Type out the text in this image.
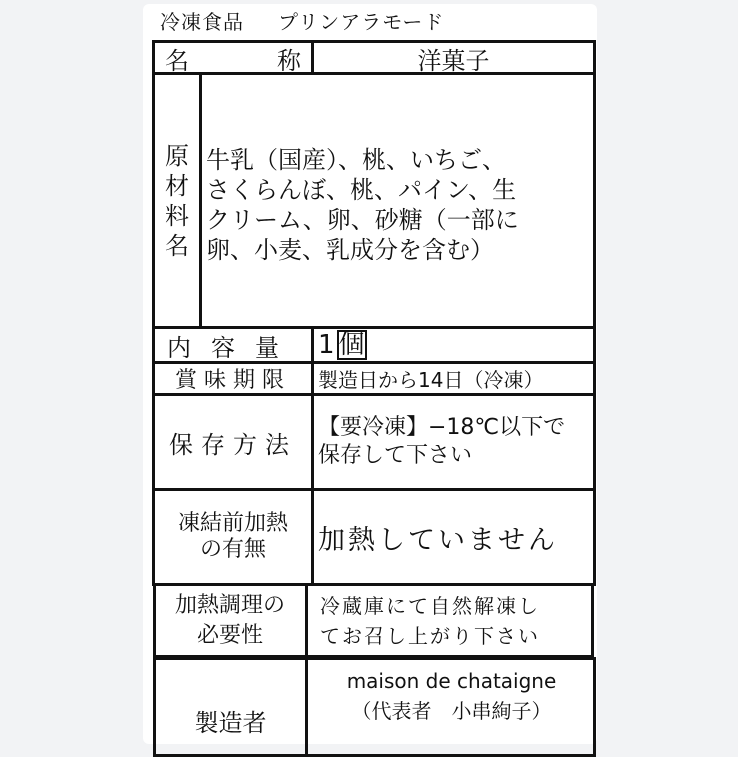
冷凍食品 プリンアラモード
名	称	洋菓子
原
材
料
名
牛乳（国産）、桃、いちご、
さくらんぼ、桃、パイン、生
クリーム、卵、砂糖（一部に
卵、小麦、乳成分を含む）
内容量 1 個
賞味期限 製造日から14日（冷凍）
保存方法
【要冷凍】−18℃以下で
保存して下さい
凍結前加熱
の有無 加熱していません
加熱調理の
必要性
冷蔵庫にて自然解凍し
てお召し上がり下さい
製造者
maison de chataigne
（代表者　小串絢子）
